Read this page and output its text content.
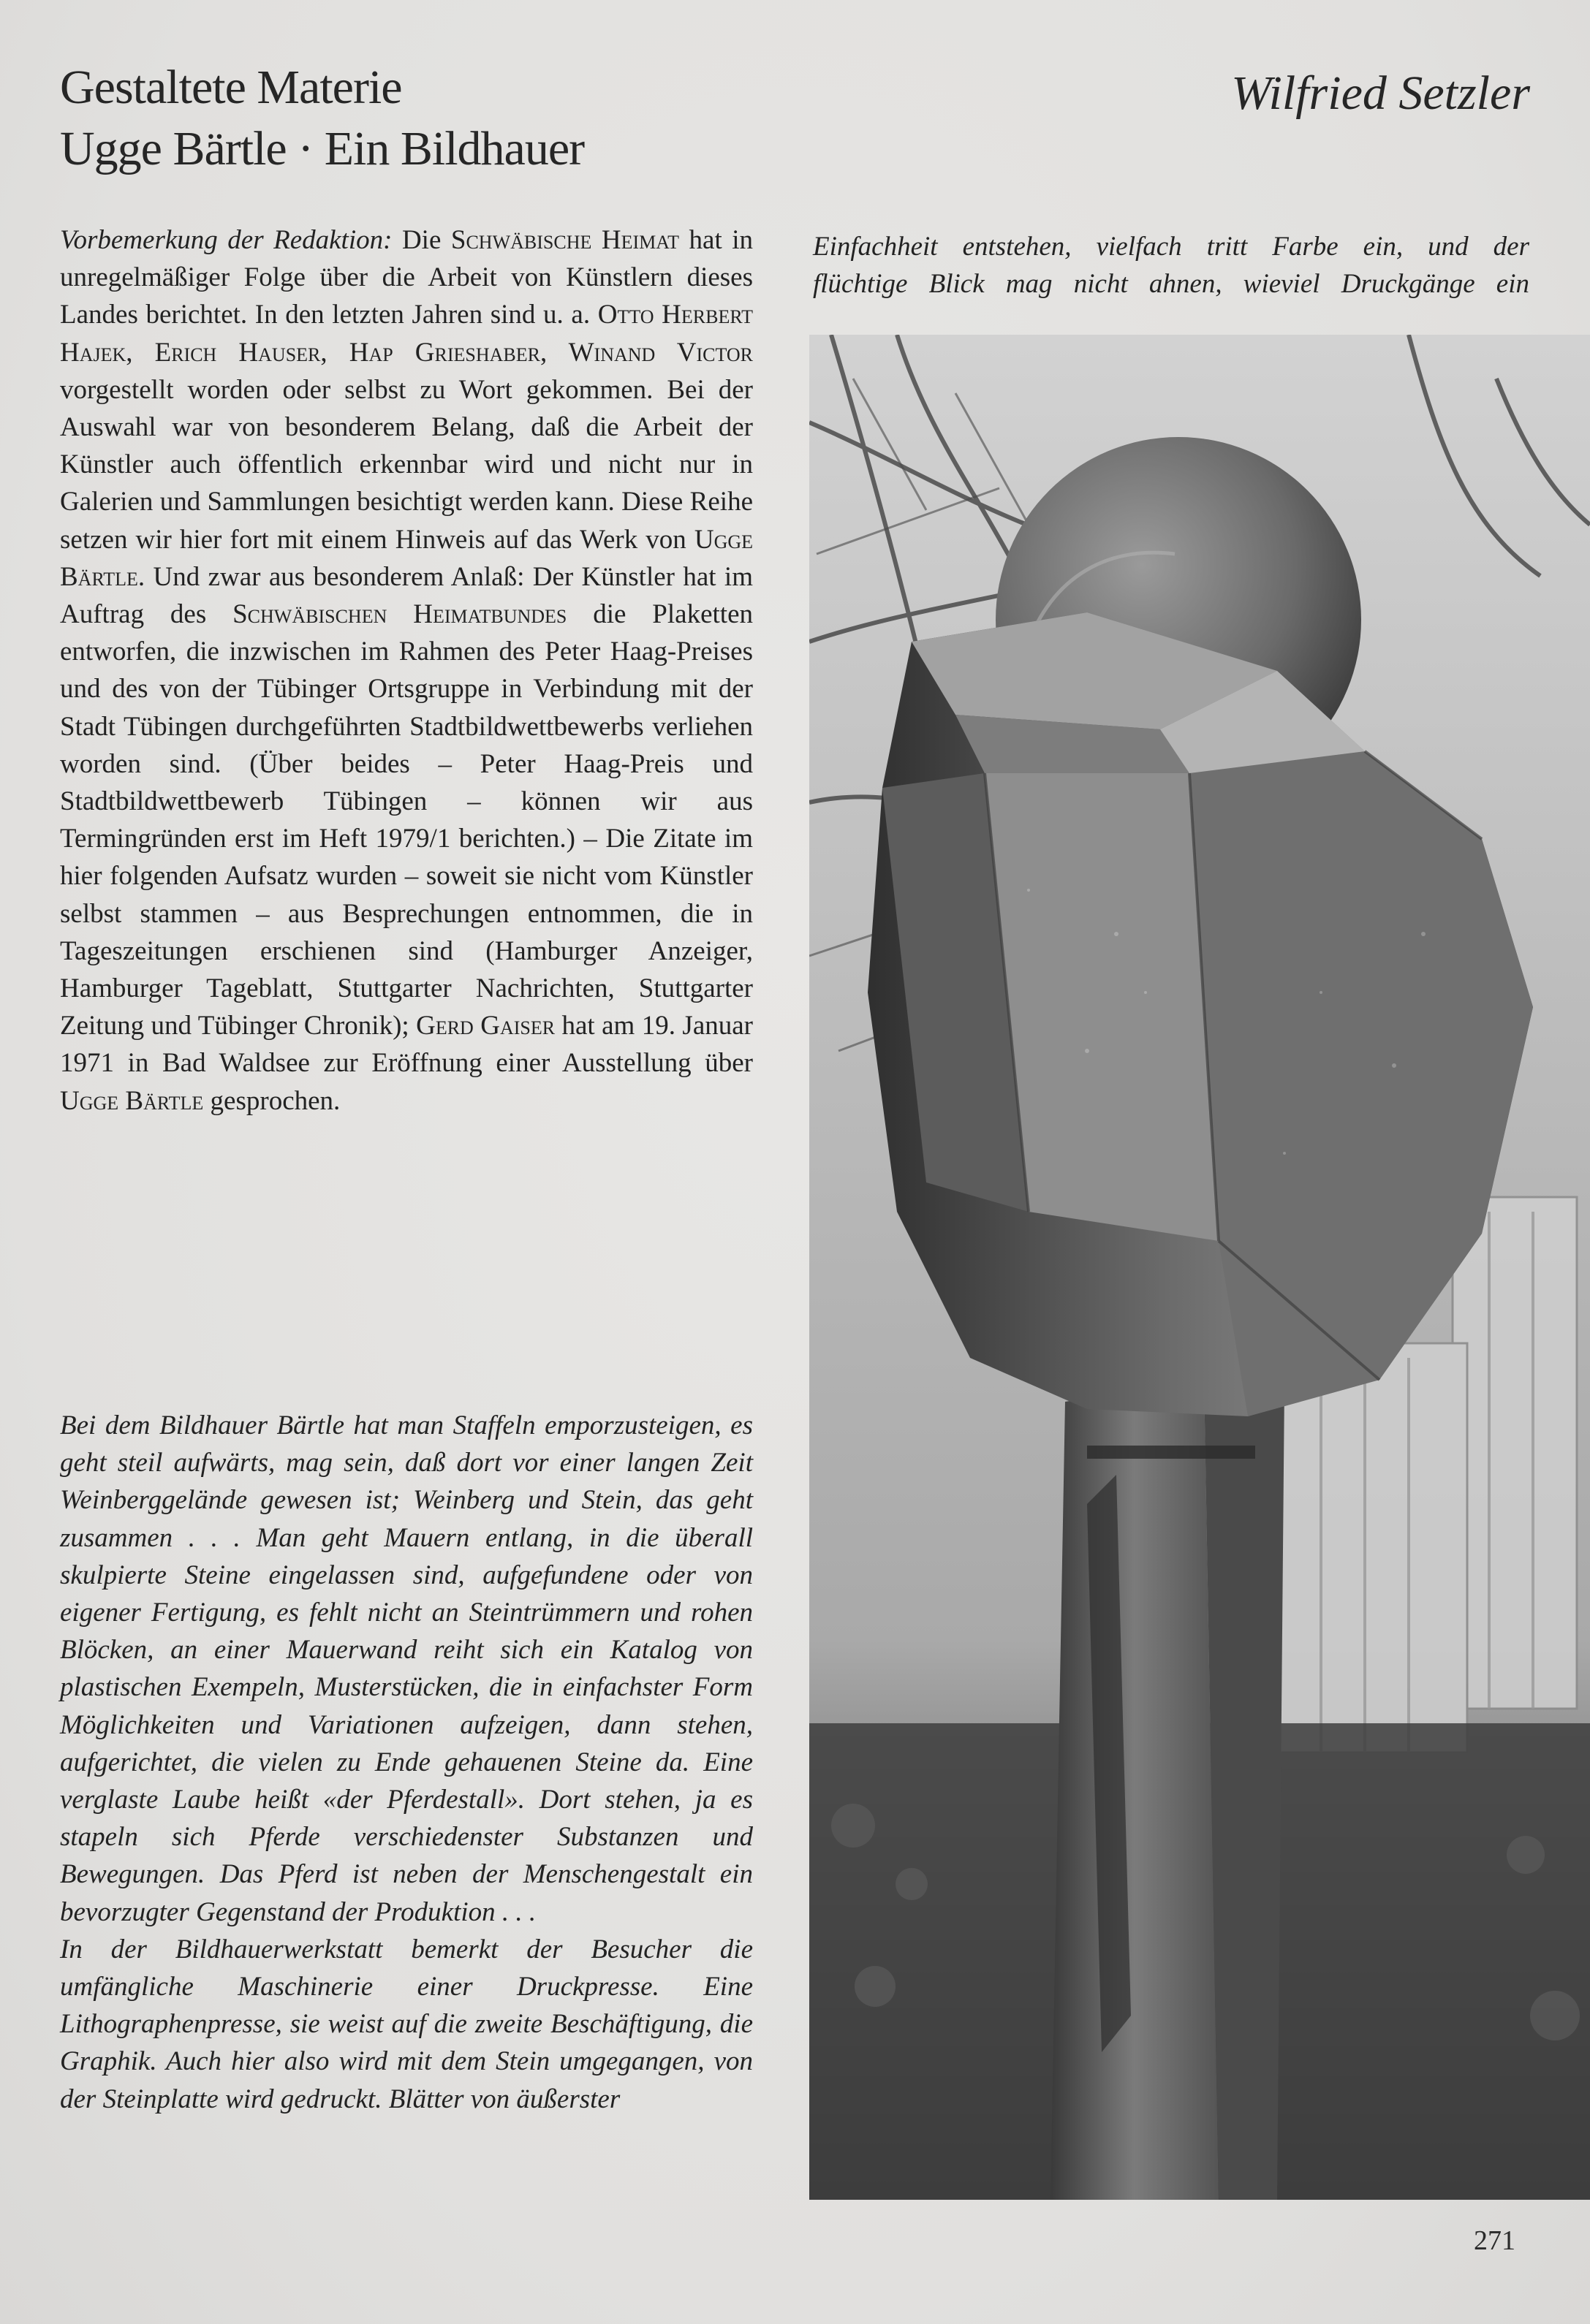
Gestaltete Materie
Ugge Bärtle · Ein Bildhauer
Wilfried Setzler

Vorbemerkung der Redaktion: Die Schwäbische Heimat hat in unregelmäßiger Folge über die Arbeit von Künstlern dieses Landes berichtet. In den letzten Jahren sind u. a. Otto Herbert Hajek, Erich Hauser, Hap Grieshaber, Winand Victor vorgestellt worden oder selbst zu Wort gekommen. Bei der Auswahl war von besonderem Belang, daß die Arbeit der Künstler auch öffentlich erkennbar wird und nicht nur in Galerien und Sammlungen besichtigt werden kann. Diese Reihe setzen wir hier fort mit einem Hinweis auf das Werk von Ugge Bärtle. Und zwar aus besonderem Anlaß: Der Künstler hat im Auftrag des Schwäbischen Heimatbundes die Plaketten entworfen, die inzwischen im Rahmen des Peter Haag-Preises und des von der Tübinger Ortsgruppe in Verbindung mit der Stadt Tübingen durchgeführten Stadtbildwettbewerbs verliehen worden sind. (Über beides – Peter Haag-Preis und Stadtbildwettbewerb Tübingen – können wir aus Termingründen erst im Heft 1979/1 berichten.) – Die Zitate im hier folgenden Aufsatz wurden – soweit sie nicht vom Künstler selbst stammen – aus Besprechungen entnommen, die in Tageszeitungen erschienen sind (Hamburger Anzeiger, Hamburger Tageblatt, Stuttgarter Nachrichten, Stuttgarter Zeitung und Tübinger Chronik); Gerd Gaiser hat am 19. Januar 1971 in Bad Waldsee zur Eröffnung einer Ausstellung über Ugge Bärtle gesprochen.

Bei dem Bildhauer Bärtle hat man Staffeln emporzusteigen, es geht steil aufwärts, mag sein, daß dort vor einer langen Zeit Weinberggelände gewesen ist; Weinberg und Stein, das geht zusammen . . . Man geht Mauern entlang, in die überall skulpierte Steine eingelassen sind, aufgefundene oder von eigener Fertigung, es fehlt nicht an Steintrümmern und rohen Blöcken, an einer Mauerwand reiht sich ein Katalog von plastischen Exempeln, Musterstücken, die in einfachster Form Möglichkeiten und Variationen aufzeigen, dann stehen, aufgerichtet, die vielen zu Ende gehauenen Steine da. Eine verglaste Laube heißt «der Pferdestall». Dort stehen, ja es stapeln sich Pferde verschiedenster Substanzen und Bewegungen. Das Pferd ist neben der Menschengestalt ein bevorzugter Gegenstand der Produktion . . .

In der Bildhauerwerkstatt bemerkt der Besucher die umfängliche Maschinerie einer Druckpresse. Eine Lithographenpresse, sie weist auf die zweite Beschäftigung, die Graphik. Auch hier also wird mit dem Stein umgegangen, von der Steinplatte wird gedruckt. Blätter von äußerster

Einfachheit entstehen, vielfach tritt Farbe ein, und der
flüchtige Blick mag nicht ahnen, wieviel Druckgänge ein
271
